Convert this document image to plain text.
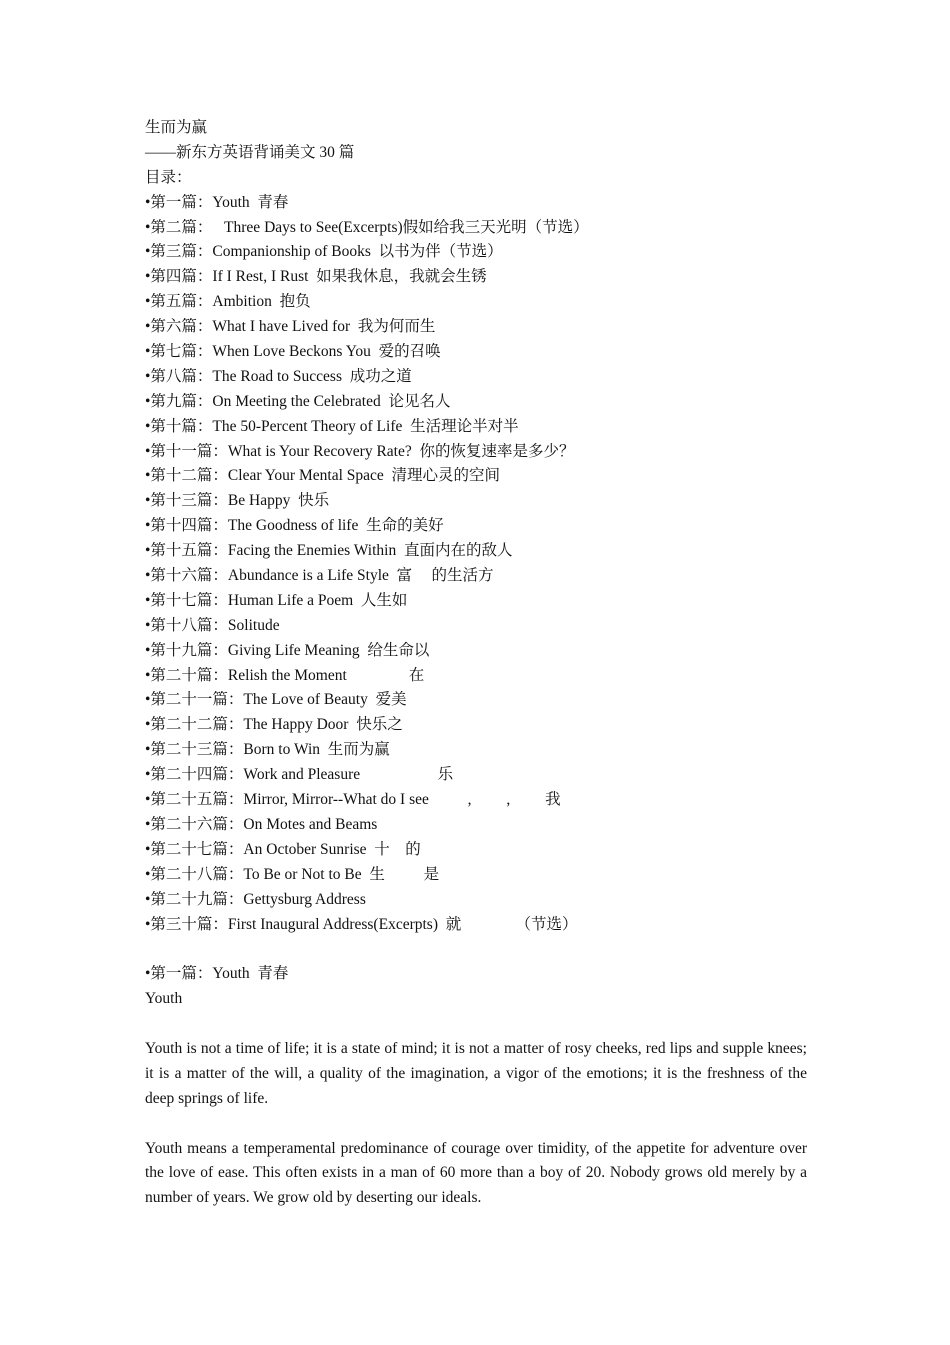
生而为赢
——新东方英语背诵美文 30 篇
目录：
•第一篇：Youth  青春
•第二篇：   Three Days to See(Excerpts)假如给我三天光明（节选）
•第三篇：Companionship of Books  以书为伴（节选）
•第四篇：If I Rest, I Rust  如果我休息，我就会生锈
•第五篇：Ambition  抱负
•第六篇：What I have Lived for  我为何而生
•第七篇：When Love Beckons You  爱的召唤
•第八篇：The Road to Success  成功之道
•第九篇：On Meeting the Celebrated  论见名人
•第十篇：The 50-Percent Theory of Life  生活理论半对半
•第十一篇：What is Your Recovery Rate?  你的恢复速率是多少？
•第十二篇：Clear Your Mental Space  清理心灵的空间
•第十三篇：Be Happy  快乐
•第十四篇：The Goodness of life  生命的美好
•第十五篇：Facing the Enemies Within  直面内在的敌人
•第十六篇：Abundance is a Life Style  富     的生活方
•第十七篇：Human Life a Poem  人生如
•第十八篇：Solitude
•第十九篇：Giving Life Meaning  给生命以
•第二十篇：Relish the Moment                在
•第二十一篇：The Love of Beauty  爱美
•第二十二篇：The Happy Door  快乐之
•第二十三篇：Born to Win  生而为赢
•第二十四篇：Work and Pleasure                    乐
•第二十五篇：Mirror, Mirror--What do I see          ,         ,         我
•第二十六篇：On Motes and Beams
•第二十七篇：An October Sunrise  十    的
•第二十八篇：To Be or Not to Be  生          是
•第二十九篇：Gettysburg Address
•第三十篇：First Inaugural Address(Excerpts)  就              （节选）
•第一篇：Youth  青春
Youth
Youth is not a time of life; it is a state of mind; it is not a matter of rosy cheeks, red lips and supple knees; it is a matter of the will, a quality of the imagination, a vigor of the emotions; it is the freshness of the deep springs of life.
Youth means a temperamental predominance of courage over timidity, of the appetite for adventure over the love of ease. This often exists in a man of 60 more than a boy of 20. Nobody grows old merely by a number of years. We grow old by deserting our ideals.
